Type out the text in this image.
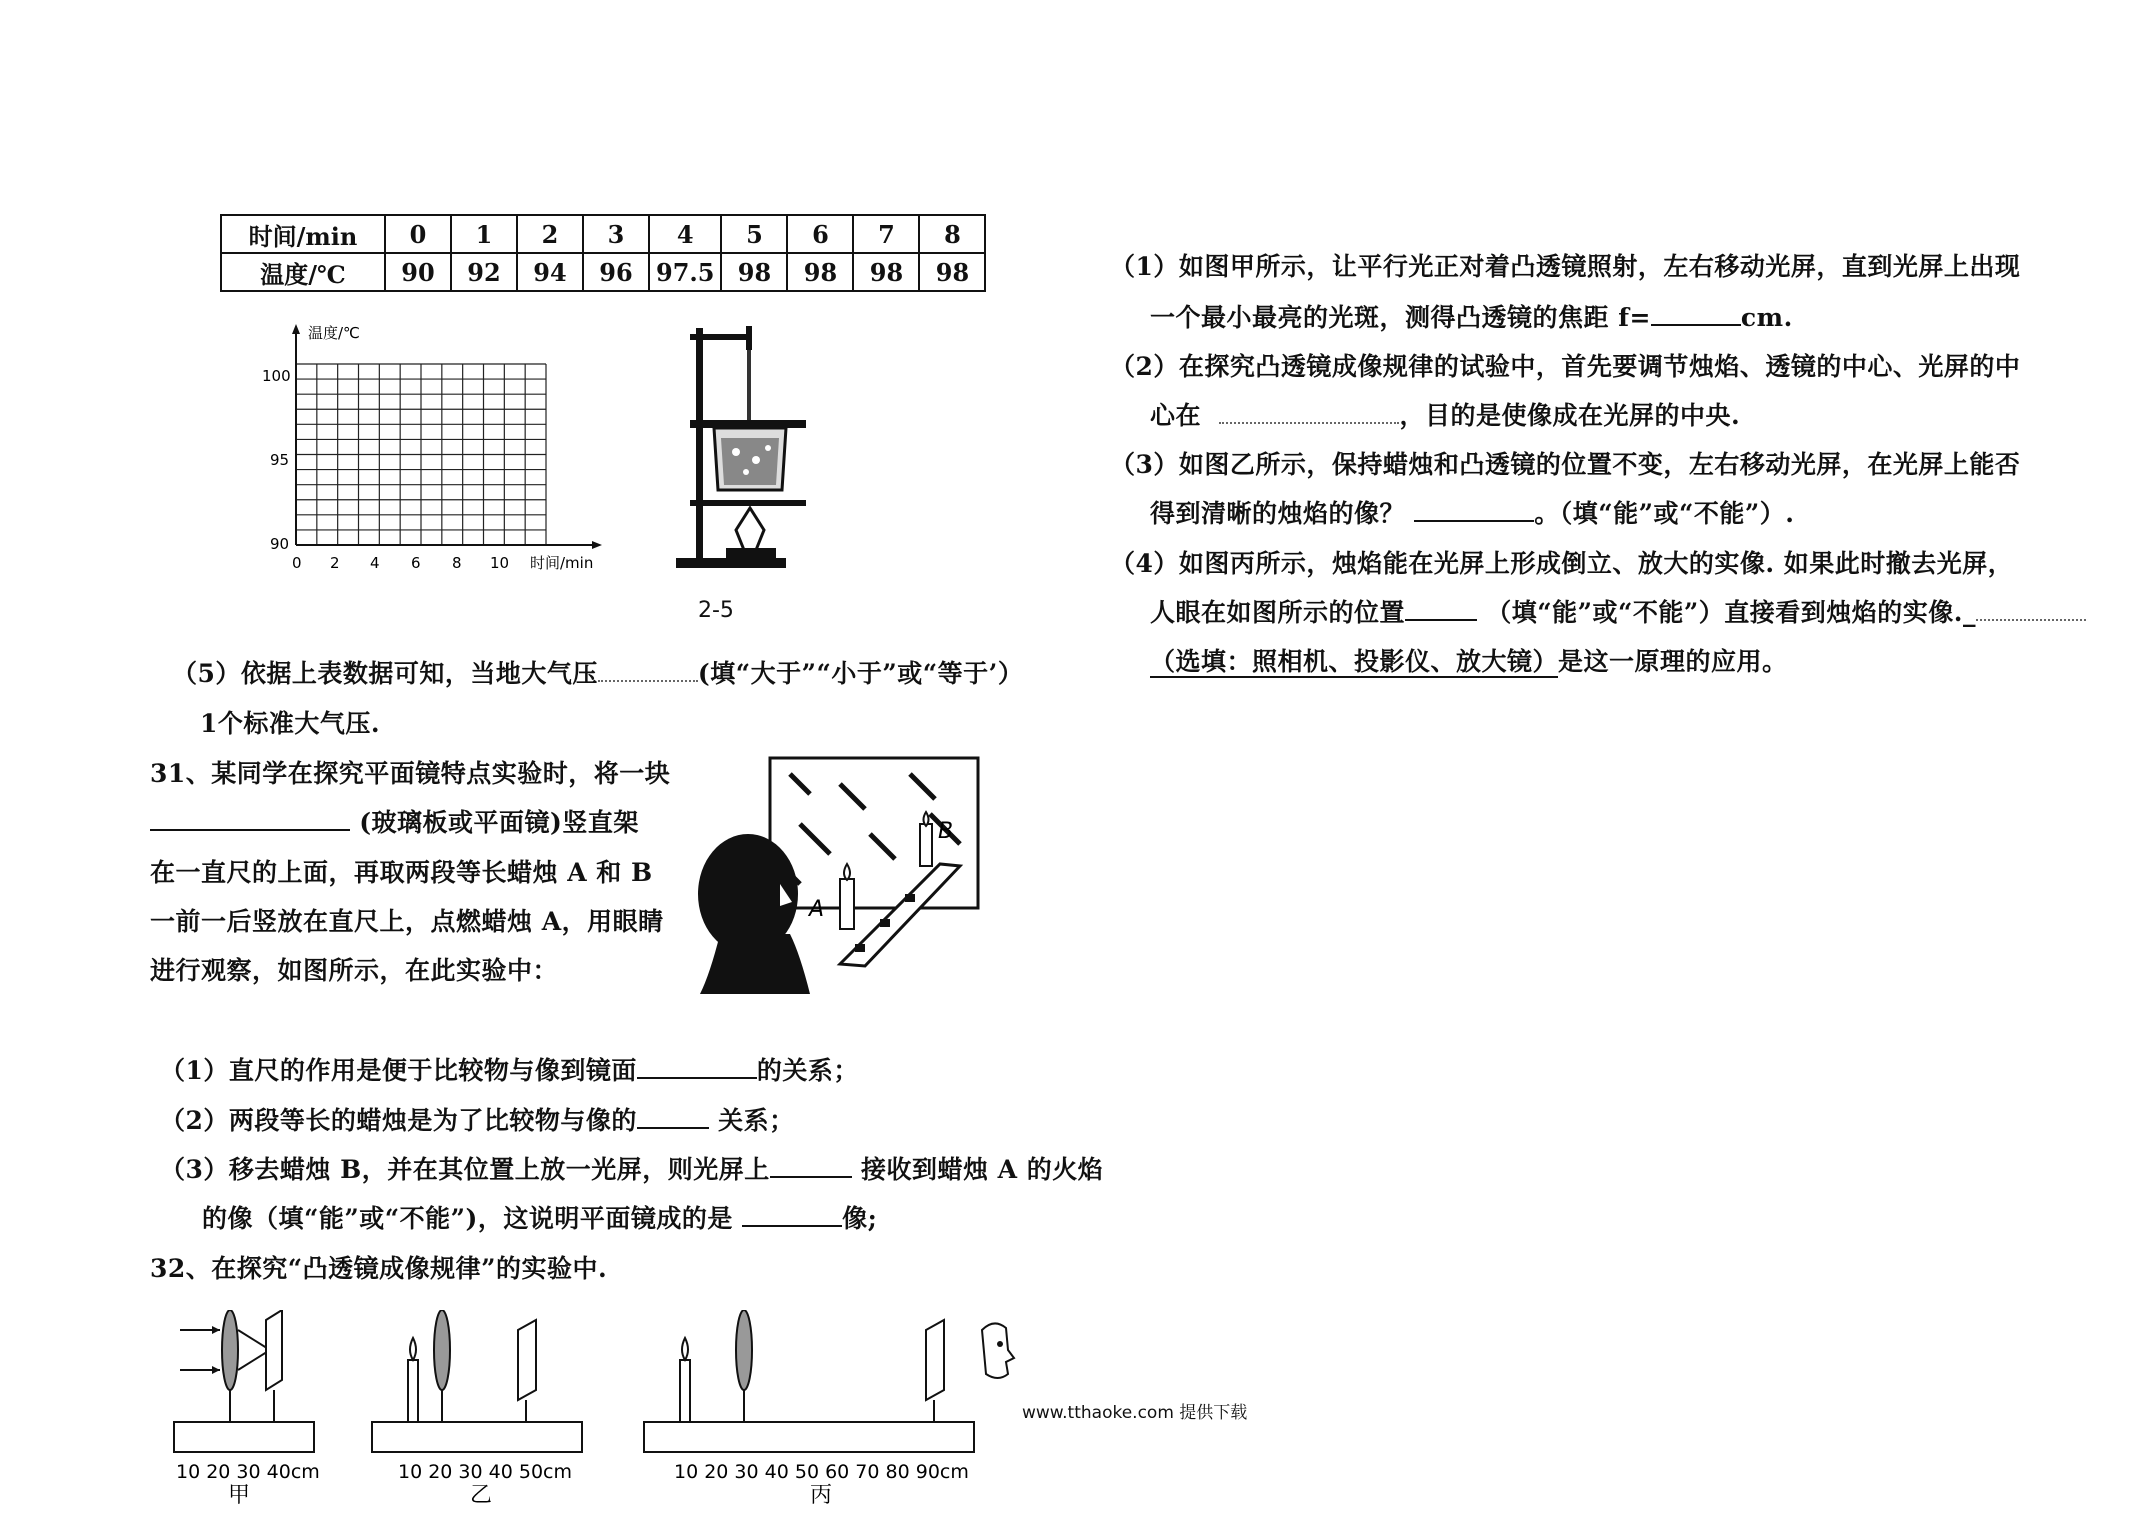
时间/min	0	1	2	3	4	5	6	7	8
温度/℃	90	92	94	96	97.5	98	98	98	98
温度/℃
100
95
90
0 2 4 6 8 10 时间/min
2-5
（5）依据上表数据可知，当地大气压	(填“大于”“小于”或“等于’）
1个标准大气压.
31、某同学在探究平面镜特点实验时，将一块
(玻璃板或平面镜)竖直架
在一直尺的上面，再取两段等长蜡烛 A 和 B
一前一后竖放在直尺上，点燃蜡烛 A，用眼睛
进行观察，如图所示，在此实验中：
A
B
（1）直尺的作用是便于比较物与像到镜面	的关系；
（2）两段等长的蜡烛是为了比较物与像的	关系；
（3）移去蜡烛 B，并在其位置上放一光屏，则光屏上	接收到蜡烛 A 的火焰
的像（填“能”或“不能”)，这说明平面镜成的是	像;
32、在探究“凸透镜成像规律”的实验中.
10 20 30 40cm
甲
10 20 30 40 50cm
乙
10 20 30 40 50 60 70 80 90cm
丙
（1）如图甲所示，让平行光正对着凸透镜照射，左右移动光屏，直到光屏上出现
一个最小最亮的光斑，测得凸透镜的焦距 f=	cm.
（2）在探究凸透镜成像规律的试验中，首先要调节烛焰、透镜的中心、光屏的中
心在	，目的是使像成在光屏的中央.
（3）如图乙所示，保持蜡烛和凸透镜的位置不变，左右移动光屏，在光屏上能否
得到清晰的烛焰的像？	。（填“能”或“不能”）.
（4）如图丙所示，烛焰能在光屏上形成倒立、放大的实像. 如果此时撤去光屏，
人眼在如图所示的位置	（填“能”或“不能”）直接看到烛焰的实像._
（选填：照相机、投影仪、放大镜）是这一原理的应用。
www.tthaoke.com 提供下载
